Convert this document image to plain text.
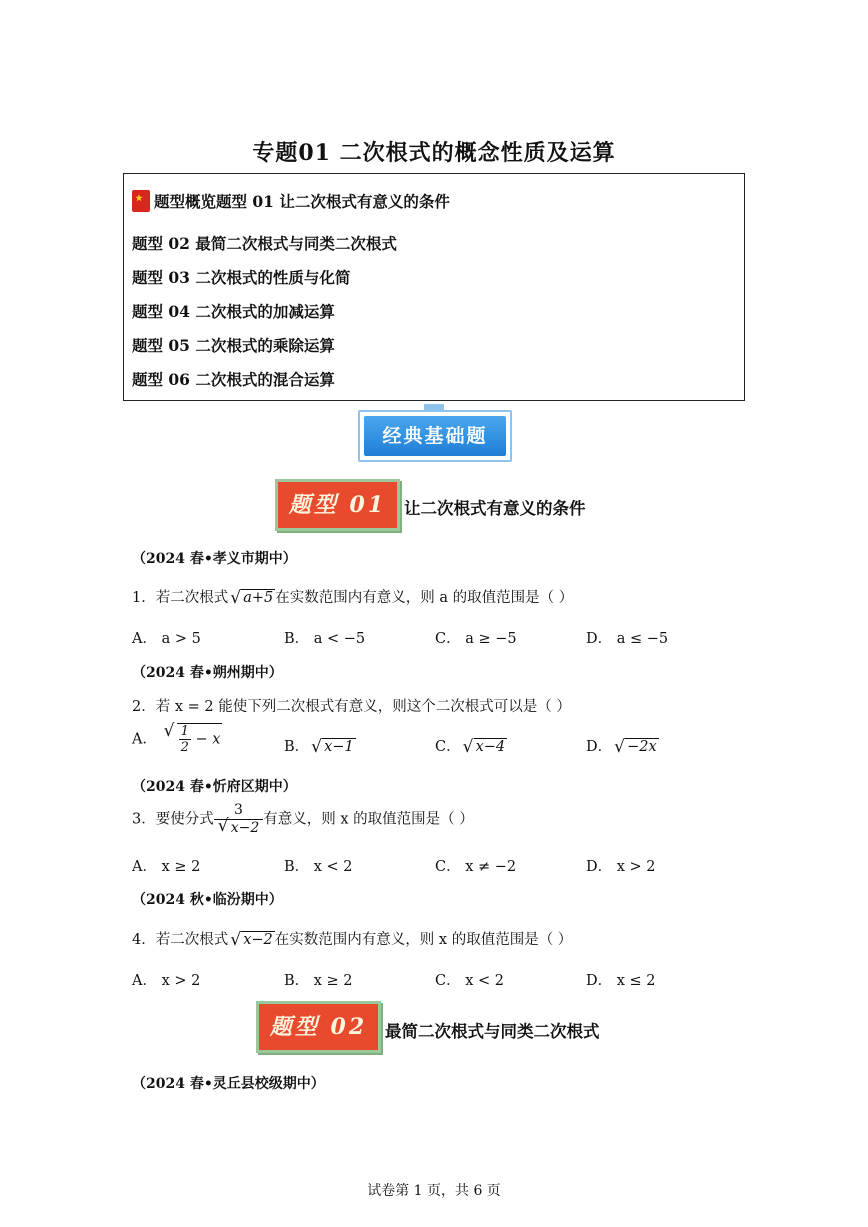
专题01 二次根式的概念性质及运算
题型概览题型 01 让二次根式有意义的条件
题型 02 最简二次根式与同类二次根式
题型 03 二次根式的性质与化简
题型 04 二次根式的加减运算
题型 05 二次根式的乘除运算
题型 06 二次根式的混合运算
经典基础题
题型 01	让二次根式有意义的条件
（2024 春•孝义市期中）
1．若二次根式 √ a+5 在实数范围内有意义，则 a 的取值范围是（ ）
A． a > 5	B． a < −5	C． a ≥ −5	D． a ≤ −5
（2024 春•朔州期中）
2．若 x = 2 能使下列二次根式有意义，则这个二次根式可以是（ ）
A． √ $\frac{1}{2} - x$	B． √ x−1	C． √ x−4	D． √ −2x
（2024 春•忻府区期中）
3．要使分式 3
√ x−2 有意义，则 x 的取值范围是（ ）
A． x ≥ 2	B． x < 2	C． x ≠ −2	D． x > 2
（2024 秋•临汾期中）
4．若二次根式 √ x−2 在实数范围内有意义，则 x 的取值范围是（ ）
A． x > 2	B． x ≥ 2	C． x < 2	D． x ≤ 2
题型 02	最简二次根式与同类二次根式
（2024 春•灵丘县校级期中）
试卷第 1 页，共 6 页
